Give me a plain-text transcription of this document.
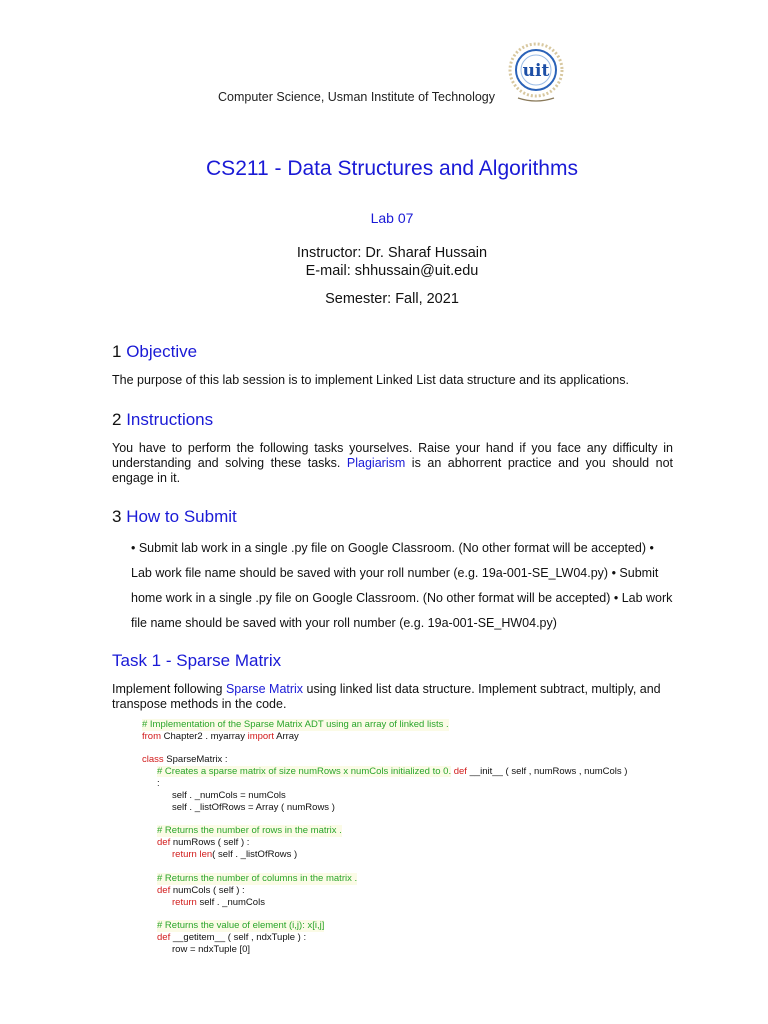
Computer Science, Usman Institute of Technology
uit
CS211 - Data Structures and Algorithms
Lab 07
Instructor: Dr. Sharaf Hussain
E-mail: shhussain@uit.edu
Semester: Fall, 2021
1 Objective
The purpose of this lab session is to implement Linked List data structure and its applications.
2 Instructions
You have to perform the following tasks yourselves. Raise your hand if you face any difficulty in understanding and solving these tasks. Plagiarism is an abhorrent practice and you should not engage in it.
3 How to Submit
• Submit lab work in a single .py file on Google Classroom. (No other format will be accepted) • Lab work file name should be saved with your roll number (e.g. 19a-001-SE_LW04.py) • Submit home work in a single .py file on Google Classroom. (No other format will be accepted) • Lab work file name should be saved with your roll number (e.g. 19a-001-SE_HW04.py)
Task 1 - Sparse Matrix
Implement following Sparse Matrix using linked list data structure. Implement subtract, multiply, and transpose methods in the code.
# Implementation of the Sparse Matrix ADT using an array of linked lists .
from Chapter2 . myarray import Array
class SparseMatrix :
# Creates a sparse matrix of size numRows x numCols initialized to 0. def __init__ ( self , numRows , numCols )
:
self . _numCols = numCols
self . _listOfRows = Array ( numRows )
# Returns the number of rows in the matrix .
def numRows ( self ) :
return len( self . _listOfRows )
# Returns the number of columns in the matrix .
def numCols ( self ) :
return self . _numCols
# Returns the value of element (i,j): x[i,j]
def __getitem__ ( self , ndxTuple ) :
row = ndxTuple [0]
